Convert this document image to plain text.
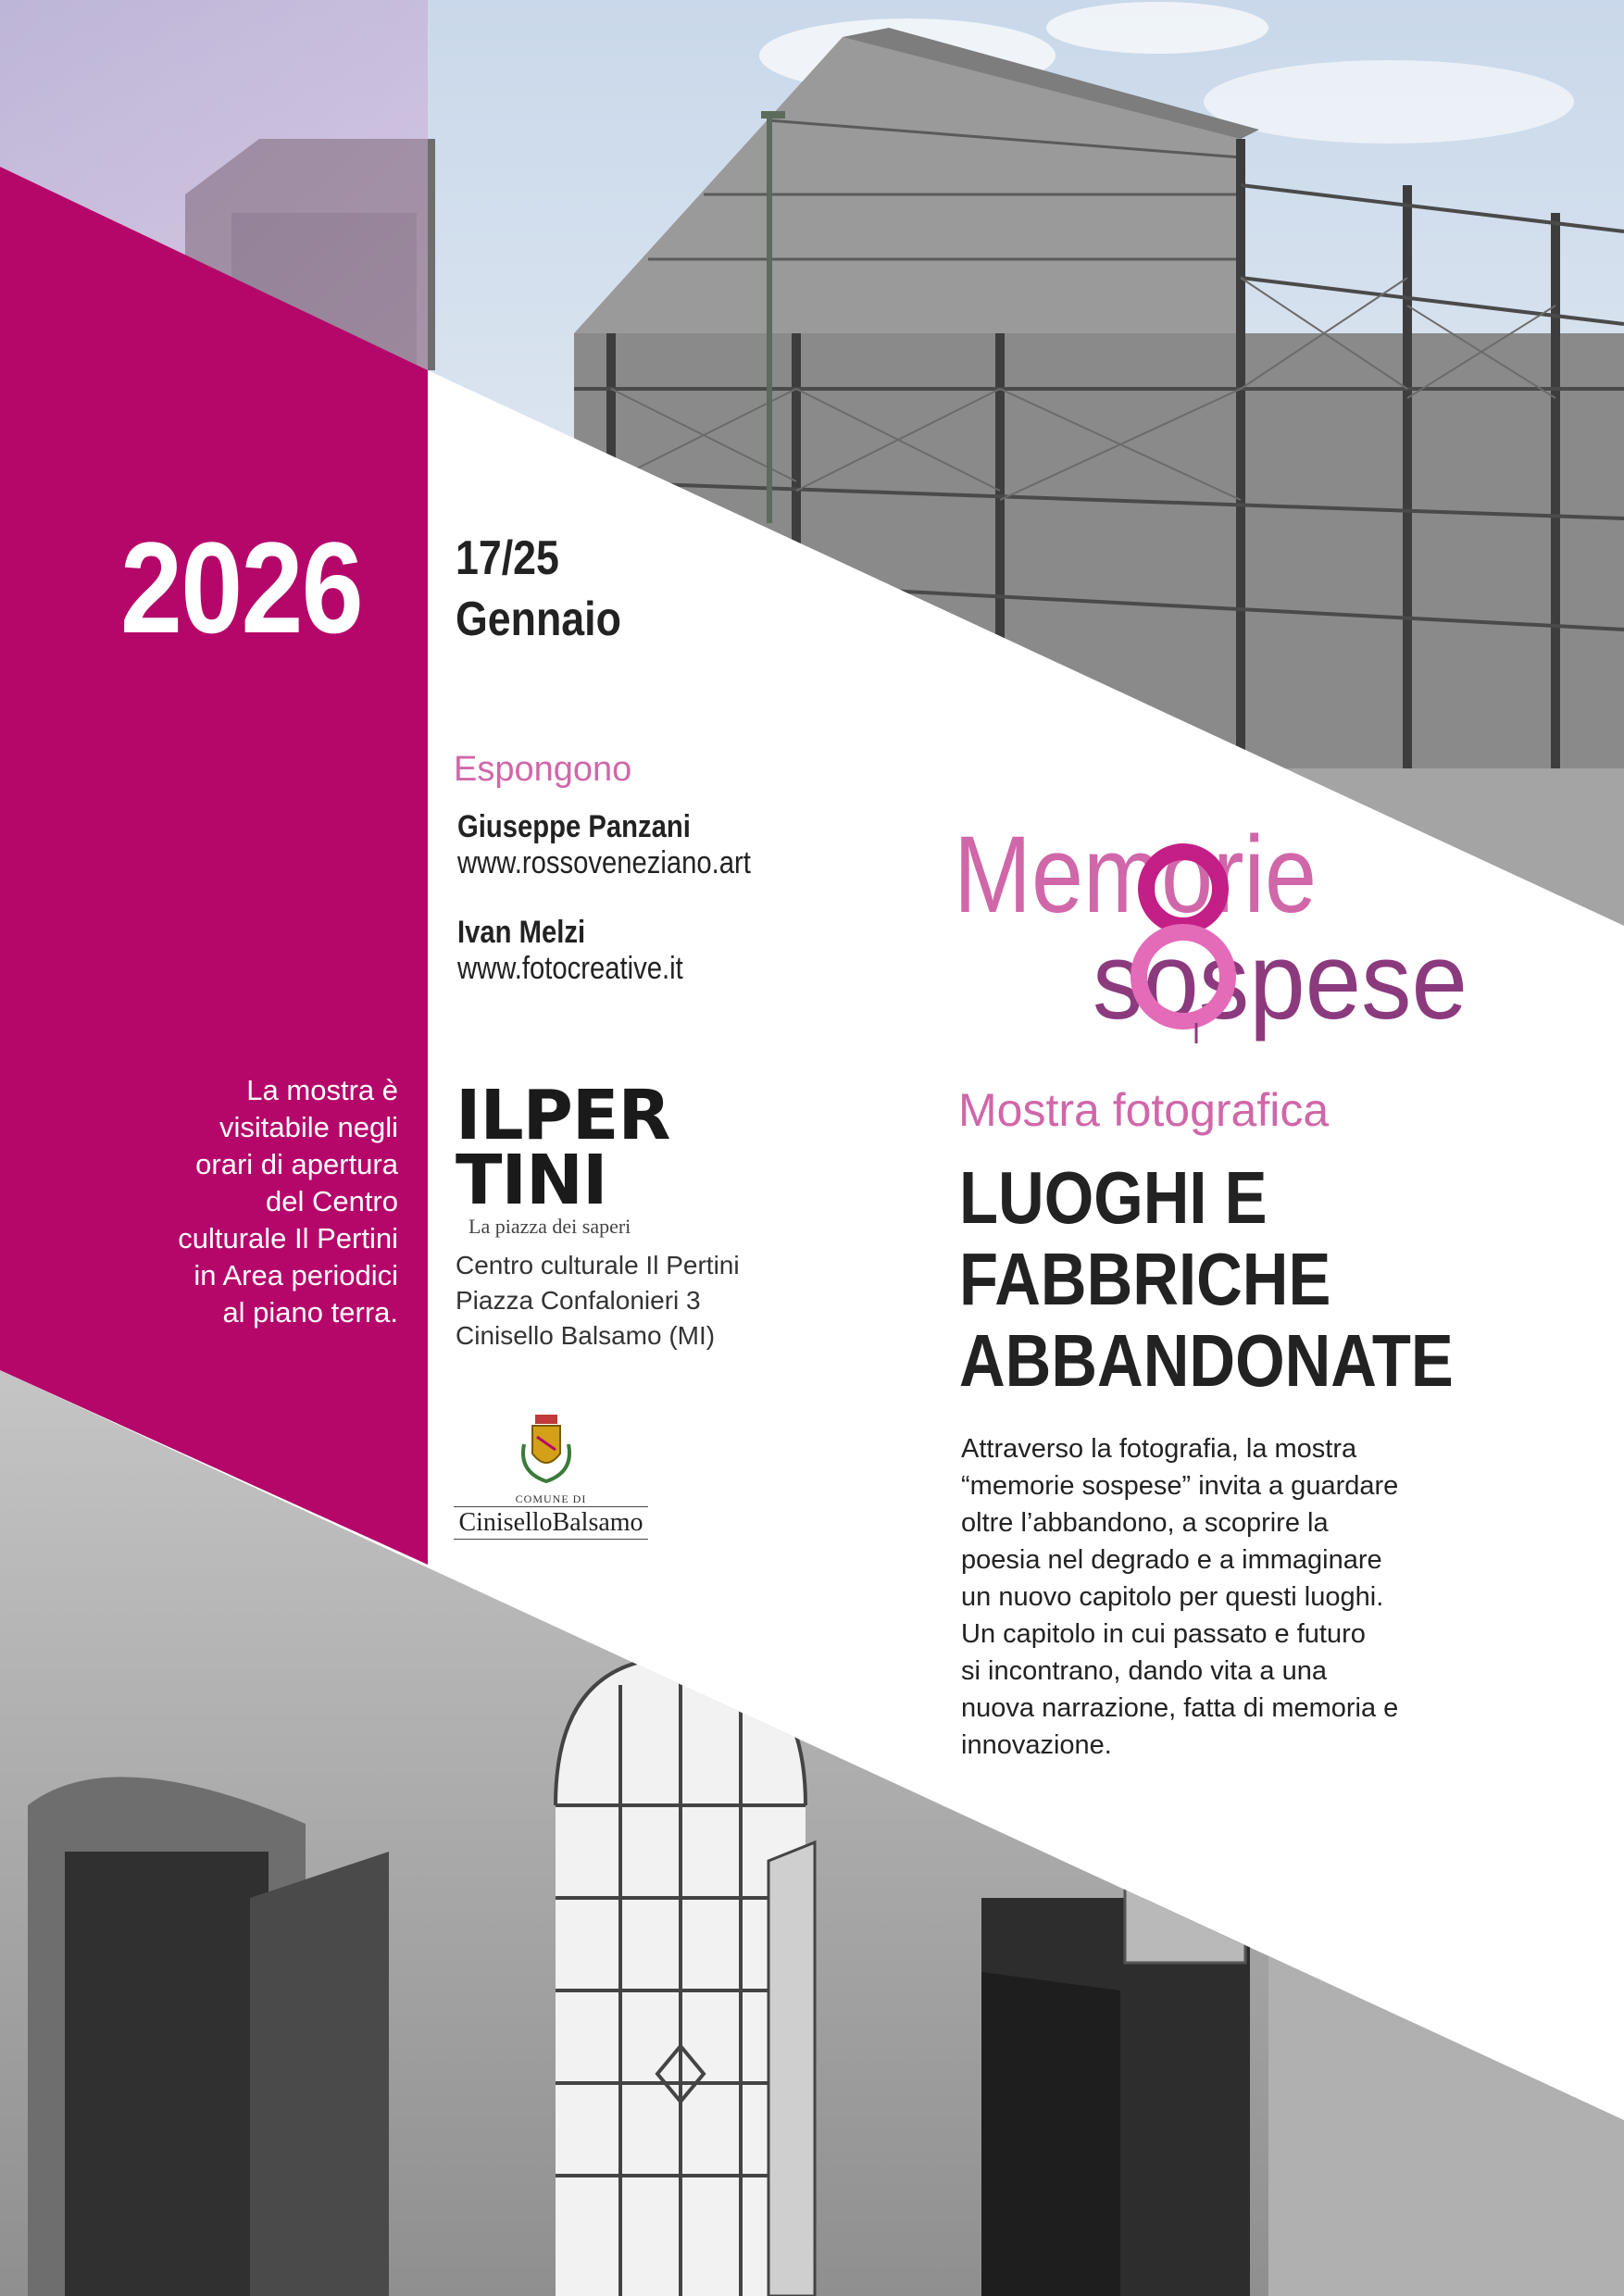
2026
La mostra è
visitabile negli
orari di apertura
del Centro
culturale Il Pertini
in Area periodici
al piano terra.
17/25
Gennaio
Espongono
Giuseppe Panzani
www.rossoveneziano.art
Ivan Melzi
www.fotocreative.it
ILPER
TINI
La piazza dei saperi
Centro culturale Il Pertini
Piazza Confalonieri 3
Cinisello Balsamo (MI)
COMUNE DI
CiniselloBalsamo
Memorie
sospese
Mostra fotografica
LUOGHI E
FABBRICHE
ABBANDONATE
Attraverso la fotografia, la mostra
“memorie sospese” invita a guardare
oltre l’abbandono, a scoprire la
poesia nel degrado e a immaginare
un nuovo capitolo per questi luoghi.
Un capitolo in cui passato e futuro
si incontrano, dando vita a una
nuova narrazione, fatta di memoria e
innovazione.
